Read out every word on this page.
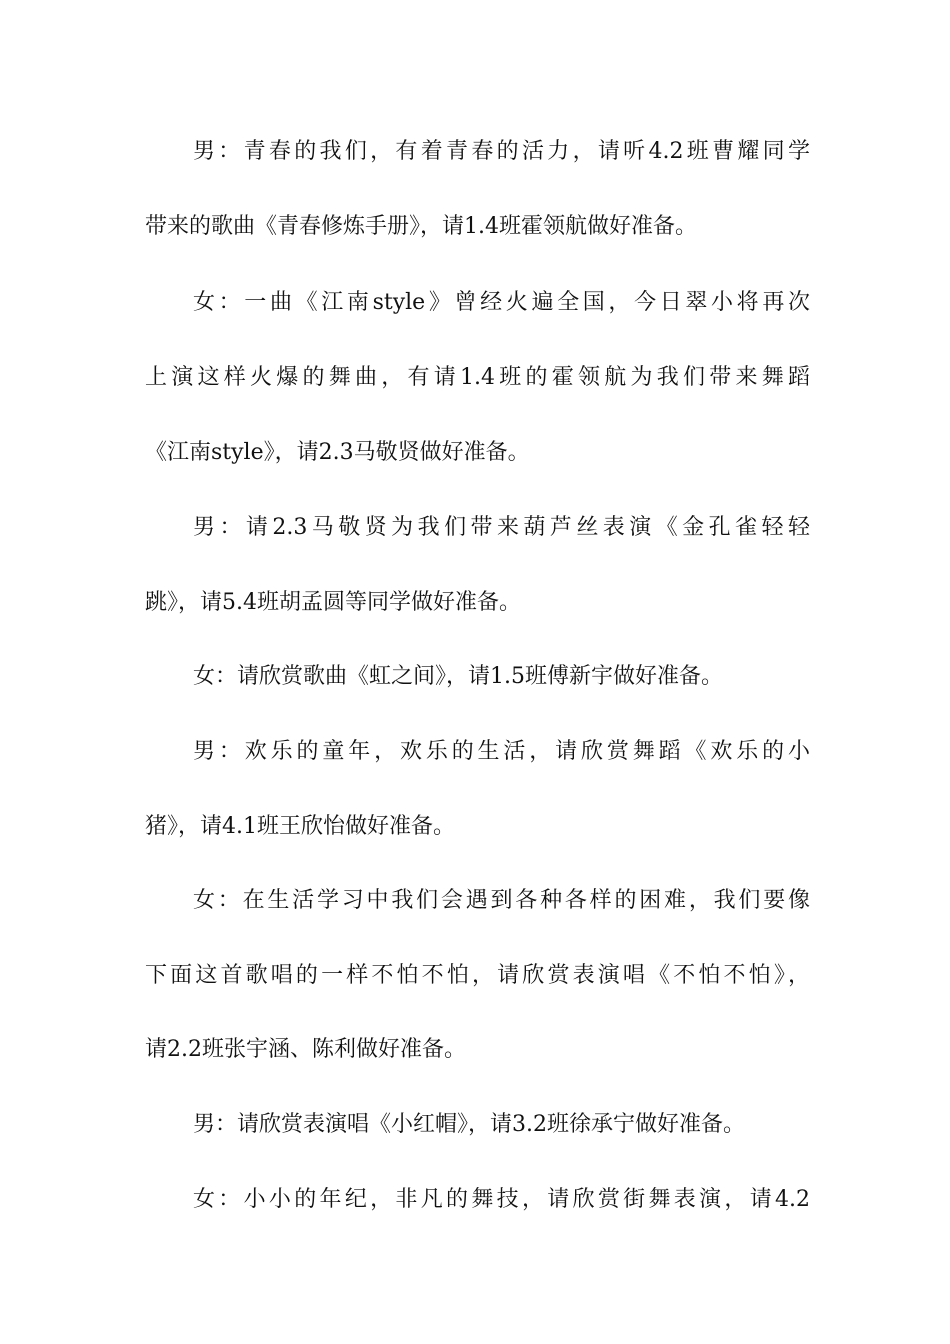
男：青春的我们，有着青春的活力，请听4.2班曹耀同学
带来的歌曲《青春修炼手册》，请1.4班霍领航做好准备。
女：一曲《江南style》曾经火遍全国，今日翠小将再次
上演这样火爆的舞曲，有请1.4班的霍领航为我们带来舞蹈
《江南style》，请2.3马敬贤做好准备。
男：请2.3马敬贤为我们带来葫芦丝表演《金孔雀轻轻
跳》，请5.4班胡孟圆等同学做好准备。
女：请欣赏歌曲《虹之间》，请1.5班傅新宇做好准备。
男：欢乐的童年，欢乐的生活，请欣赏舞蹈《欢乐的小
猪》，请4.1班王欣怡做好准备。
女：在生活学习中我们会遇到各种各样的困难，我们要像
下面这首歌唱的一样不怕不怕，请欣赏表演唱《不怕不怕》，
请2.2班张宇涵、陈利做好准备。
男：请欣赏表演唱《小红帽》，请3.2班徐承宁做好准备。
女：小小的年纪，非凡的舞技，请欣赏街舞表演，请4.2
